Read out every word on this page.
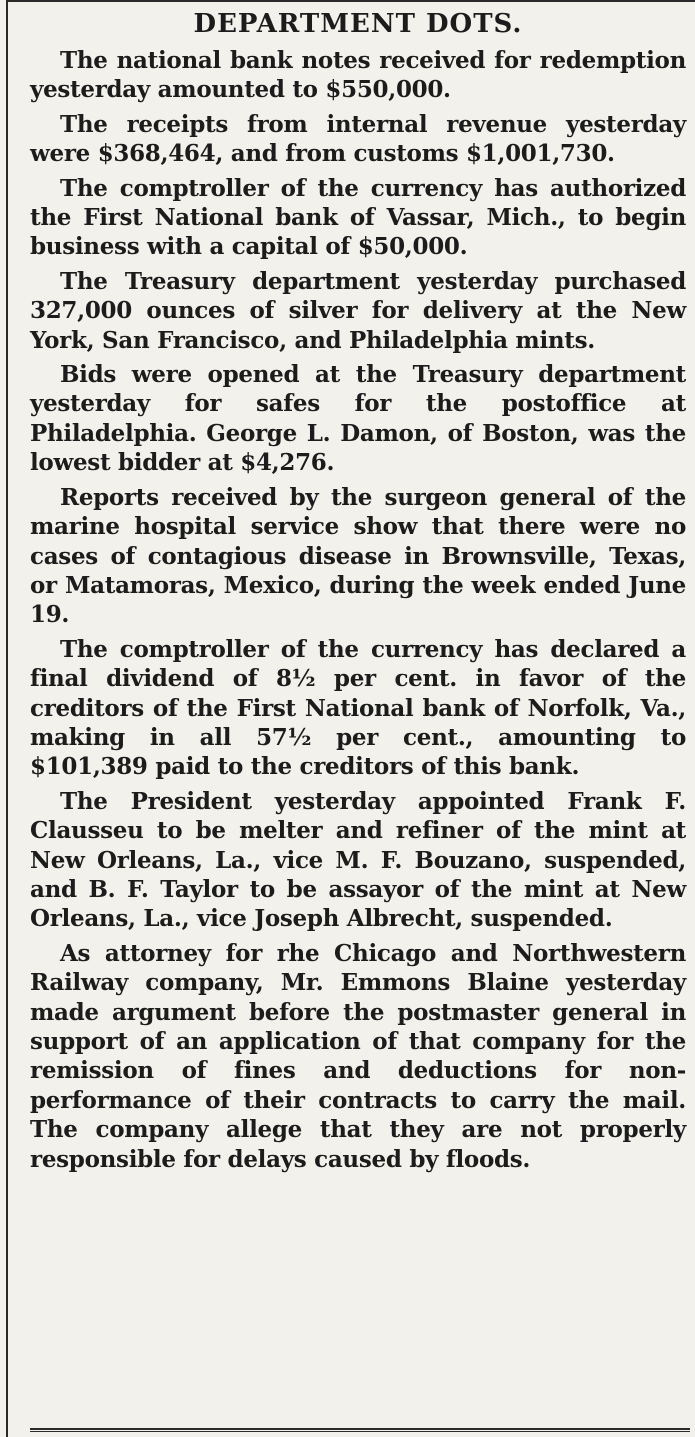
DEPARTMENT DOTS.

The national bank notes received for redemption yesterday amounted to $550,000.

The receipts from internal revenue yesterday were $368,464, and from customs $1,001,730.

The comptroller of the currency has authorized the First National bank of Vassar, Mich., to begin business with a capital of $50,000.

The Treasury department yesterday purchased 327,000 ounces of silver for delivery at the New York, San Francisco, and Philadelphia mints.

Bids were opened at the Treasury department yesterday for safes for the postoffice at Philadelphia. George L. Damon, of Boston, was the lowest bidder at $4,276.

Reports received by the surgeon general of the marine hospital service show that there were no cases of contagious disease in Brownsville, Texas, or Matamoras, Mexico, during the week ended June 19.

The comptroller of the currency has declared a final dividend of 8½ per cent. in favor of the creditors of the First National bank of Norfolk, Va., making in all 57½ per cent., amounting to $101,389 paid to the creditors of this bank.

The President yesterday appointed Frank F. Clausseu to be melter and refiner of the mint at New Orleans, La., vice M. F. Bouzano, suspended, and B. F. Taylor to be assayor of the mint at New Orleans, La., vice Joseph Albrecht, suspended.

As attorney for rhe Chicago and Northwestern Railway company, Mr. Emmons Blaine yesterday made argument before the postmaster general in support of an application of that company for the remission of fines and deductions for non-performance of their contracts to carry the mail. The company allege that they are not properly responsible for delays caused by floods.
